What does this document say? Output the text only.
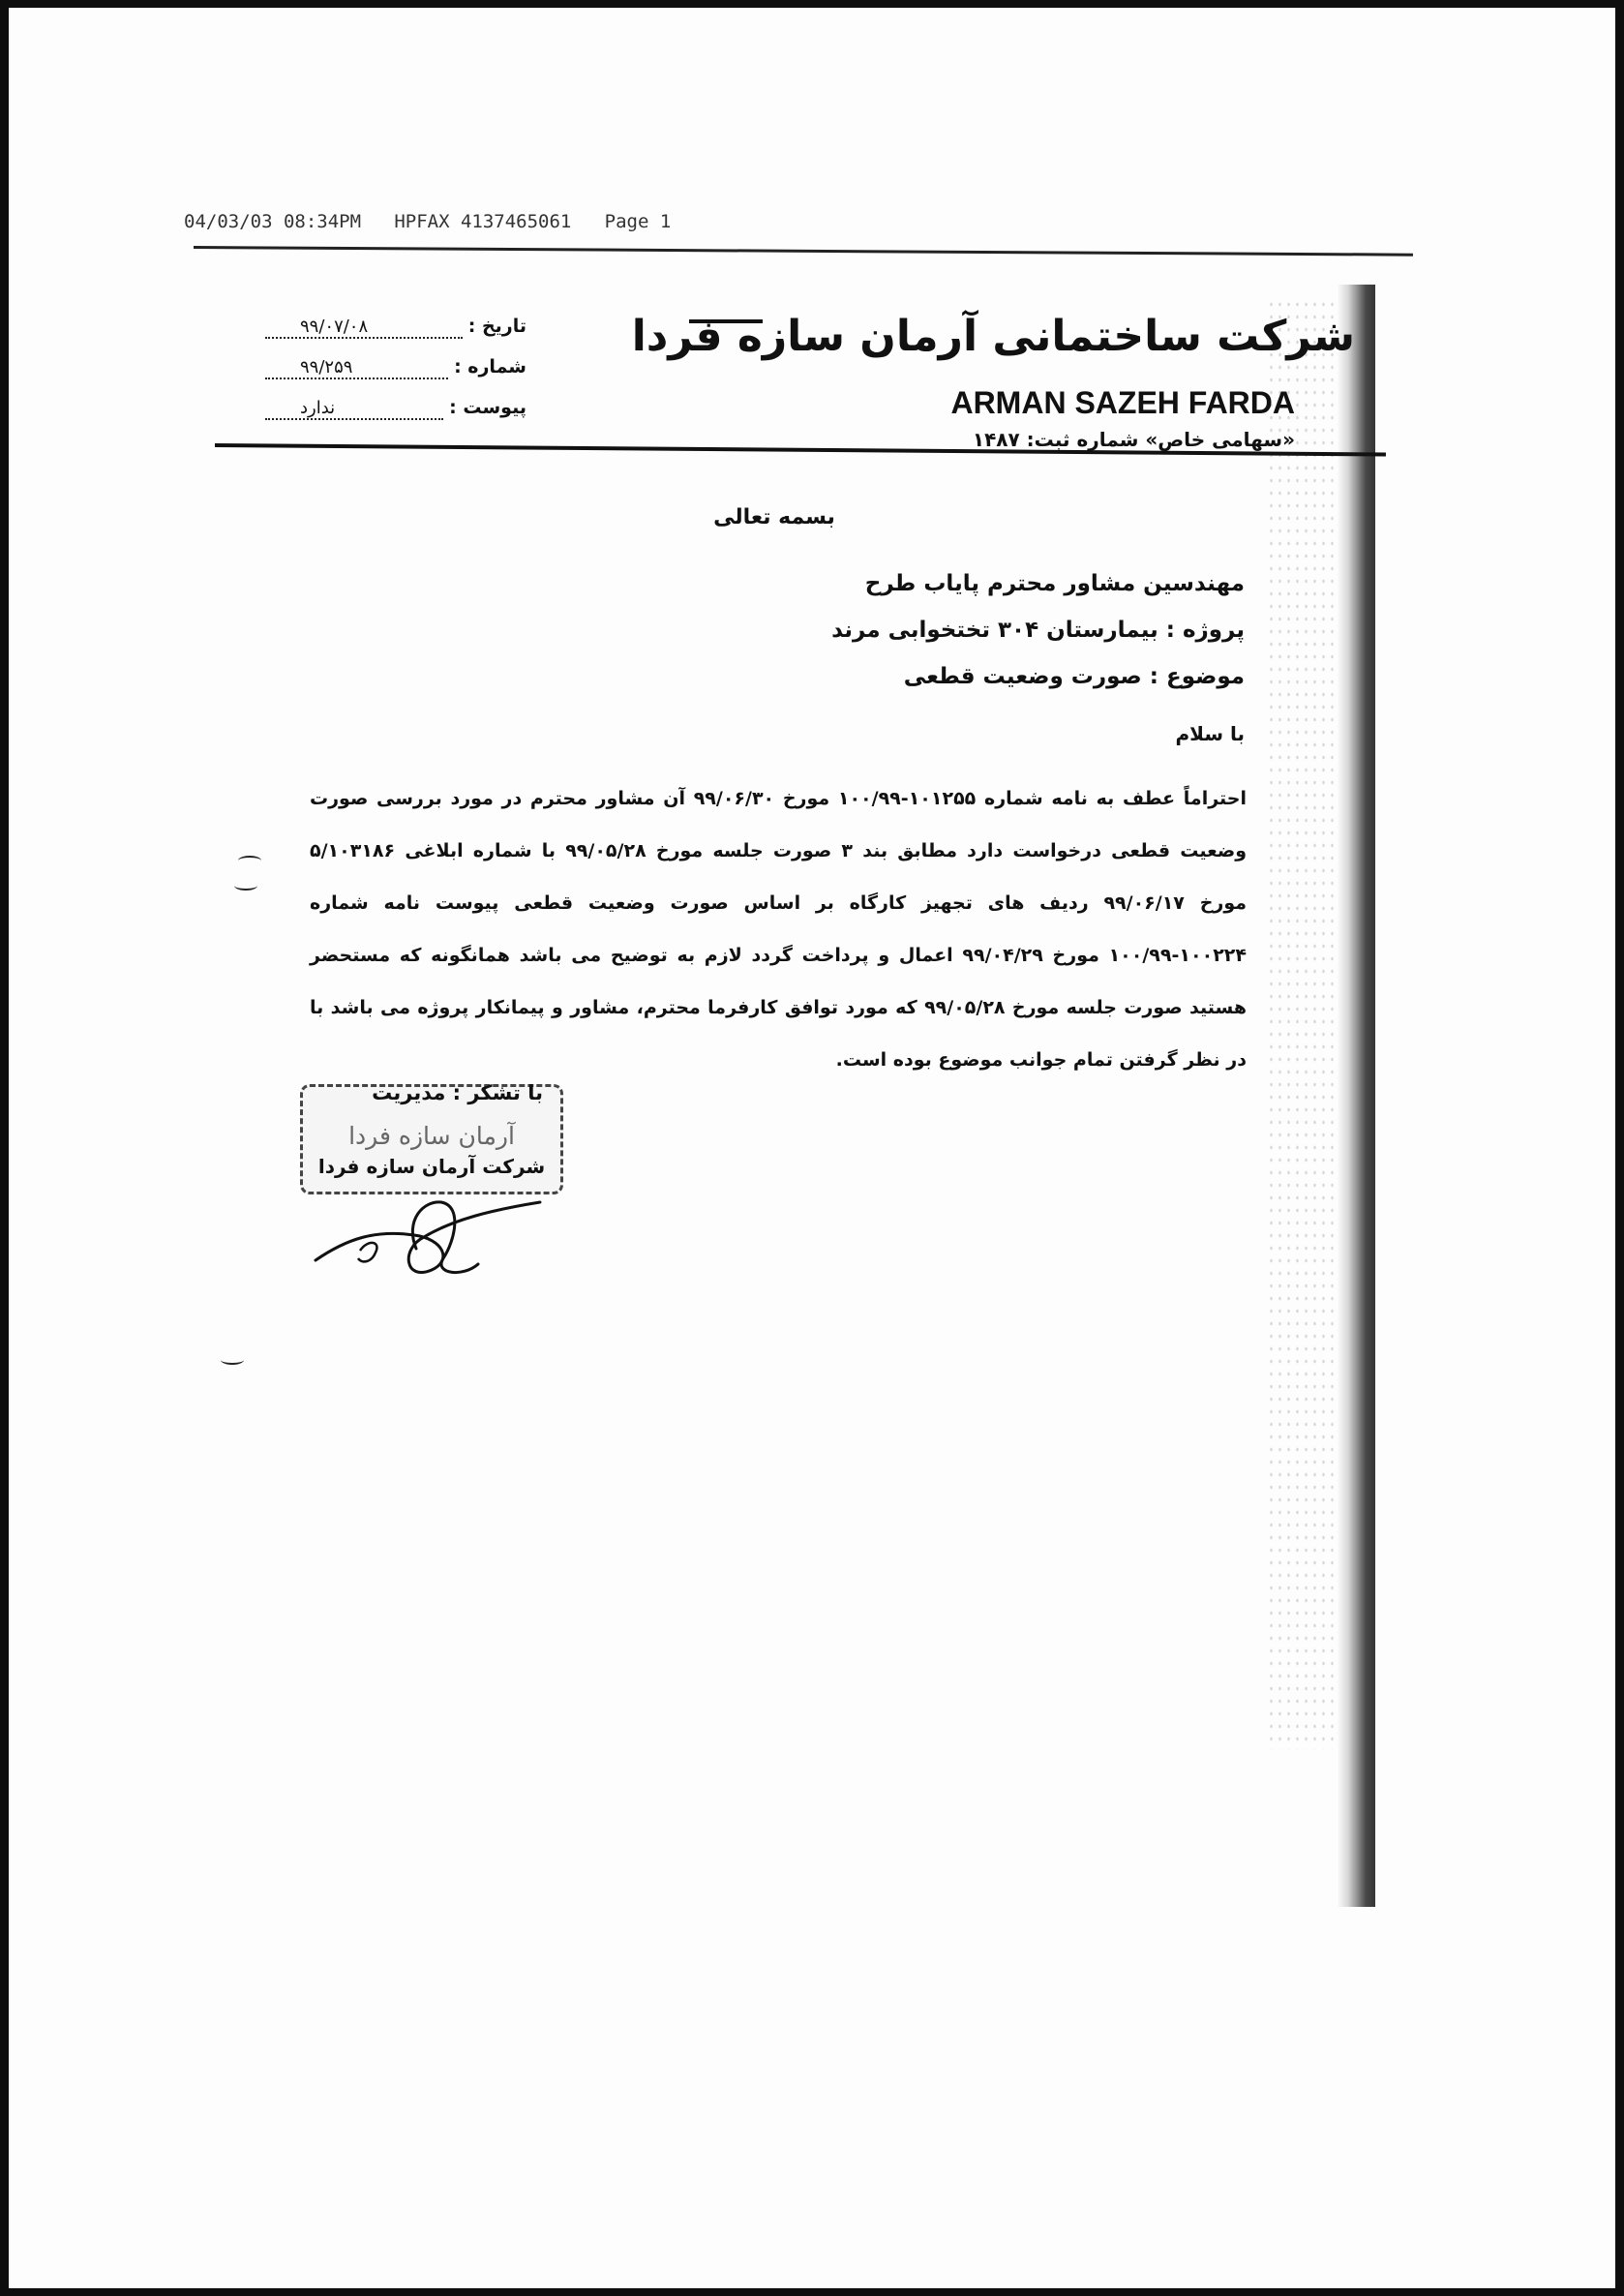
04/03/03 08:34PM   HPFAX 4137465061   Page 1
شرکت ساختمانی آرمان سازه فردا
ARMAN SAZEH FARDA
«سهامی خاص» شماره ثبت: ۱۴۸۷
تاریخ :
۹۹/۰۷/۰۸
شماره :
۹۹/۲۵۹
پیوست :
ندارد
بسمه تعالی
مهندسین مشاور محترم پایاب طرح
پروژه : بیمارستان ۳۰۴ تختخوابی مرند
موضوع : صورت وضعیت قطعی
با سلام
احتراماً عطف به نامه شماره ۱۰۱۲۵۵-۱۰۰/۹۹ مورخ ۹۹/۰۶/۳۰ آن مشاور محترم در مورد بررسی صورت وضعیت قطعی درخواست دارد مطابق بند ۳ صورت جلسه مورخ ۹۹/۰۵/۲۸ با شماره ابلاغی ۵/۱۰۳۱۸۶ مورخ ۹۹/۰۶/۱۷ ردیف های تجهیز کارگاه بر اساس صورت وضعیت قطعی پیوست نامه شماره ۱۰۰۲۲۴-۱۰۰/۹۹ مورخ ۹۹/۰۴/۲۹ اعمال و پرداخت گردد لازم به توضیح می باشد همانگونه که مستحضر هستید صورت جلسه مورخ ۹۹/۰۵/۲۸ که مورد توافق کارفرما محترم، مشاور و پیمانکار پروژه می باشد با در نظر گرفتن تمام جوانب موضوع بوده است.
با تشکر : مدیریت
آرمان سازه فردا
شرکت آرمان سازه فردا
